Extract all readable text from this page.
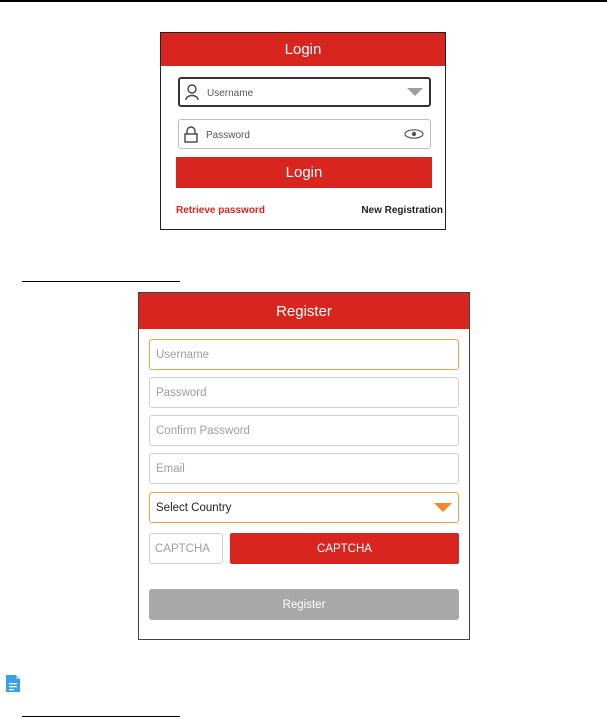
Login
Username
Password
Login
Retrieve password	New Registration
Register
Username
Password
Confirm Password
Email
Select Country
CAPTCHA	CAPTCHA
Register
